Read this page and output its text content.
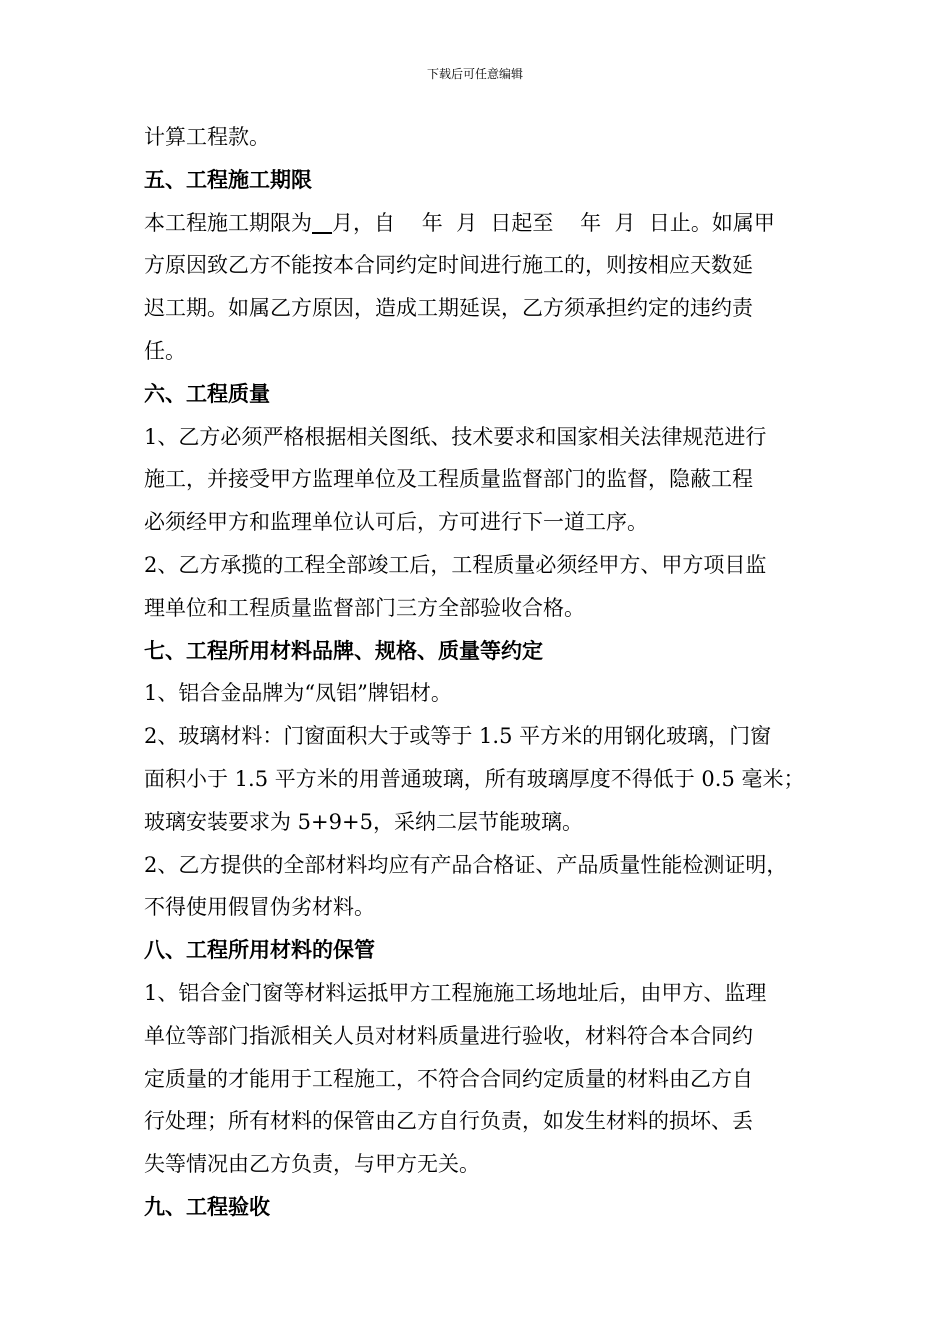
下载后可任意编辑
计算工程款。
五、工程施工期限
本工程施工期限为 月，自    年  月  日起至    年  月  日止。如属甲
方原因致乙方不能按本合同约定时间进行施工的，则按相应天数延
迟工期。如属乙方原因，造成工期延误，乙方须承担约定的违约责
任。
六、工程质量
1、乙方必须严格根据相关图纸、技术要求和国家相关法律规范进行
施工，并接受甲方监理单位及工程质量监督部门的监督，隐蔽工程
必须经甲方和监理单位认可后，方可进行下一道工序。
2、乙方承揽的工程全部竣工后，工程质量必须经甲方、甲方项目监
理单位和工程质量监督部门三方全部验收合格。
七、工程所用材料品牌、规格、质量等约定
1、铝合金品牌为“凤铝”牌铝材。
2、玻璃材料：门窗面积大于或等于 1.5 平方米的用钢化玻璃，门窗
面积小于 1.5 平方米的用普通玻璃，所有玻璃厚度不得低于 0.5 毫米；
玻璃安装要求为 5+9+5，采纳二层节能玻璃。
2、乙方提供的全部材料均应有产品合格证、产品质量性能检测证明，
不得使用假冒伪劣材料。
八、工程所用材料的保管
1、铝合金门窗等材料运抵甲方工程施施工场地址后，由甲方、监理
单位等部门指派相关人员对材料质量进行验收，材料符合本合同约
定质量的才能用于工程施工，不符合合同约定质量的材料由乙方自
行处理；所有材料的保管由乙方自行负责，如发生材料的损坏、丢
失等情况由乙方负责，与甲方无关。
九、工程验收
